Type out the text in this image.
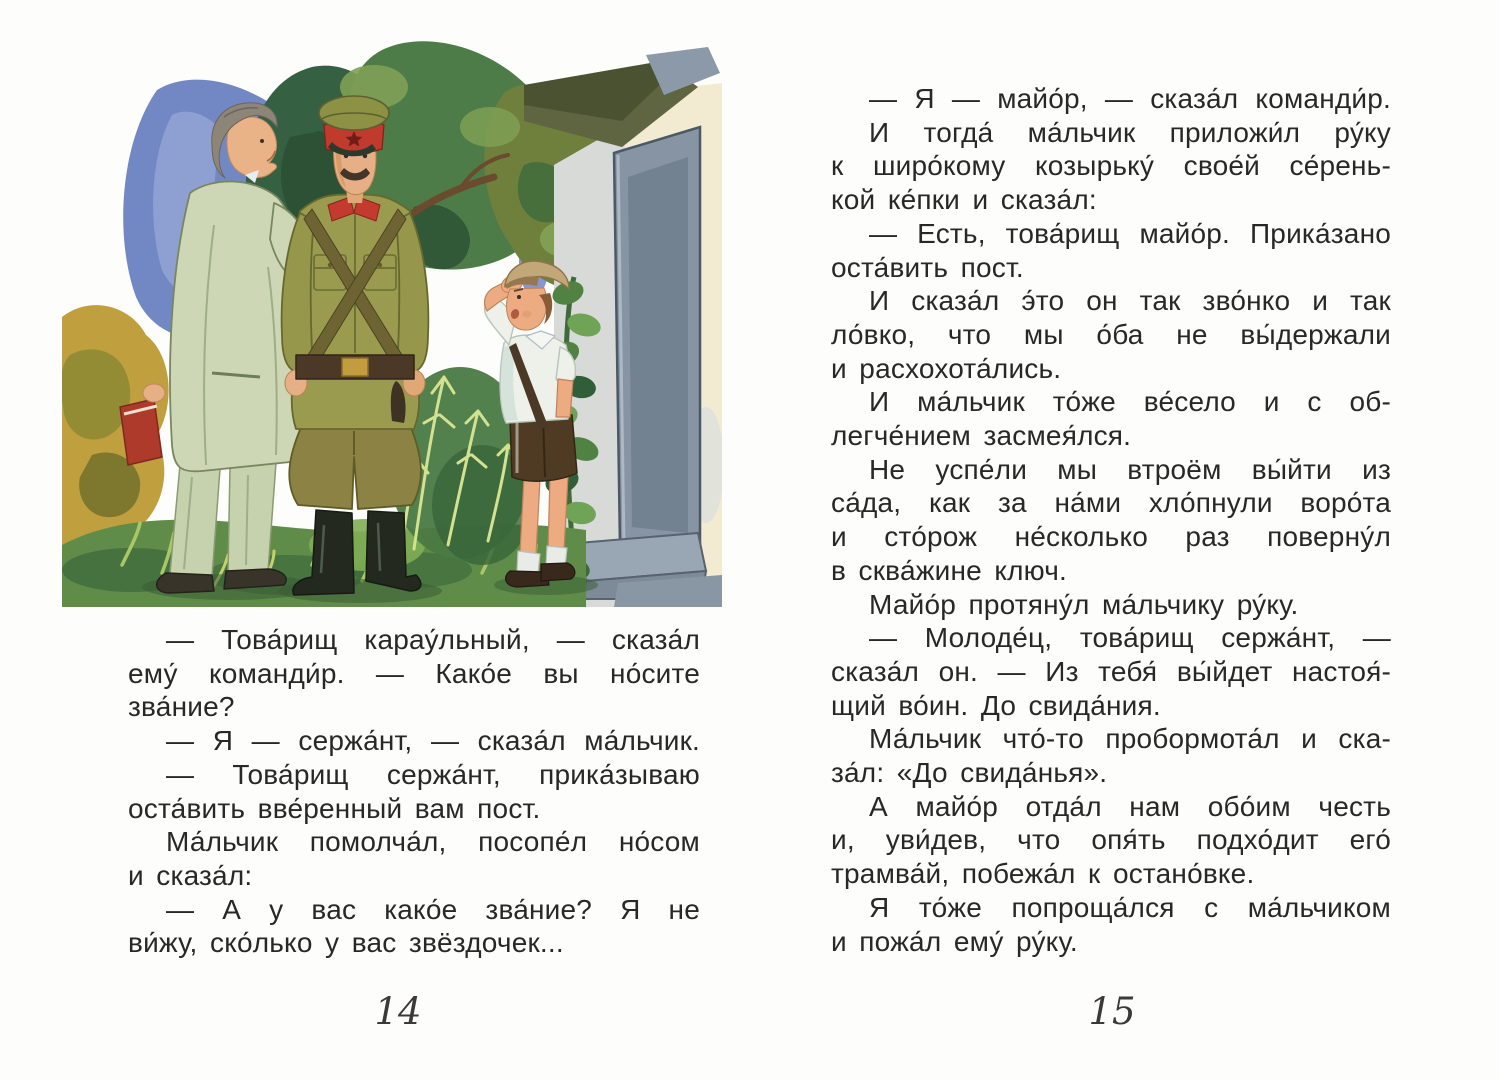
— Това́рищ карау́льный, — сказа́л
ему́ команди́р. — Како́е вы но́сите
зва́ние?
— Я — сержа́нт, — сказа́л ма́льчик.
— Това́рищ сержа́нт, прика́зываю
оста́вить вве́ренный вам пост.
Ма́льчик помолча́л, посопе́л но́сом
и сказа́л:
— А у вас како́е зва́ние? Я не
ви́жу, ско́лько у вас звёздочек...
14
— Я — майо́р, — сказа́л команди́р.
И тогда́ ма́льчик приложи́л ру́ку
к широ́кому козырьку́ свое́й се́рень-
кой ке́пки и сказа́л:
— Есть, това́рищ майо́р. Прика́зано
оста́вить пост.
И сказа́л э́то он так зво́нко и так
ло́вко, что мы о́ба не вы́держали
и расхохота́лись.
И ма́льчик то́же ве́село и с об-
легче́нием засмея́лся.
Не успе́ли мы втроём вы́йти из
са́да, как за на́ми хло́пнули воро́та
и сто́рож не́сколько раз поверну́л
в сква́жине ключ.
Майо́р протяну́л ма́льчику ру́ку.
— Молоде́ц, това́рищ сержа́нт, —
сказа́л он. — Из тебя́ вы́йдет настоя́-
щий во́ин. До свида́ния.
Ма́льчик что́-то пробормота́л и ска-
за́л: «До свида́нья».
А майо́р отда́л нам обо́им честь
и, уви́дев, что опя́ть подхо́дит его́
трамва́й, побежа́л к остано́вке.
Я то́же попроща́лся с ма́льчиком
и пожа́л ему́ ру́ку.
15
